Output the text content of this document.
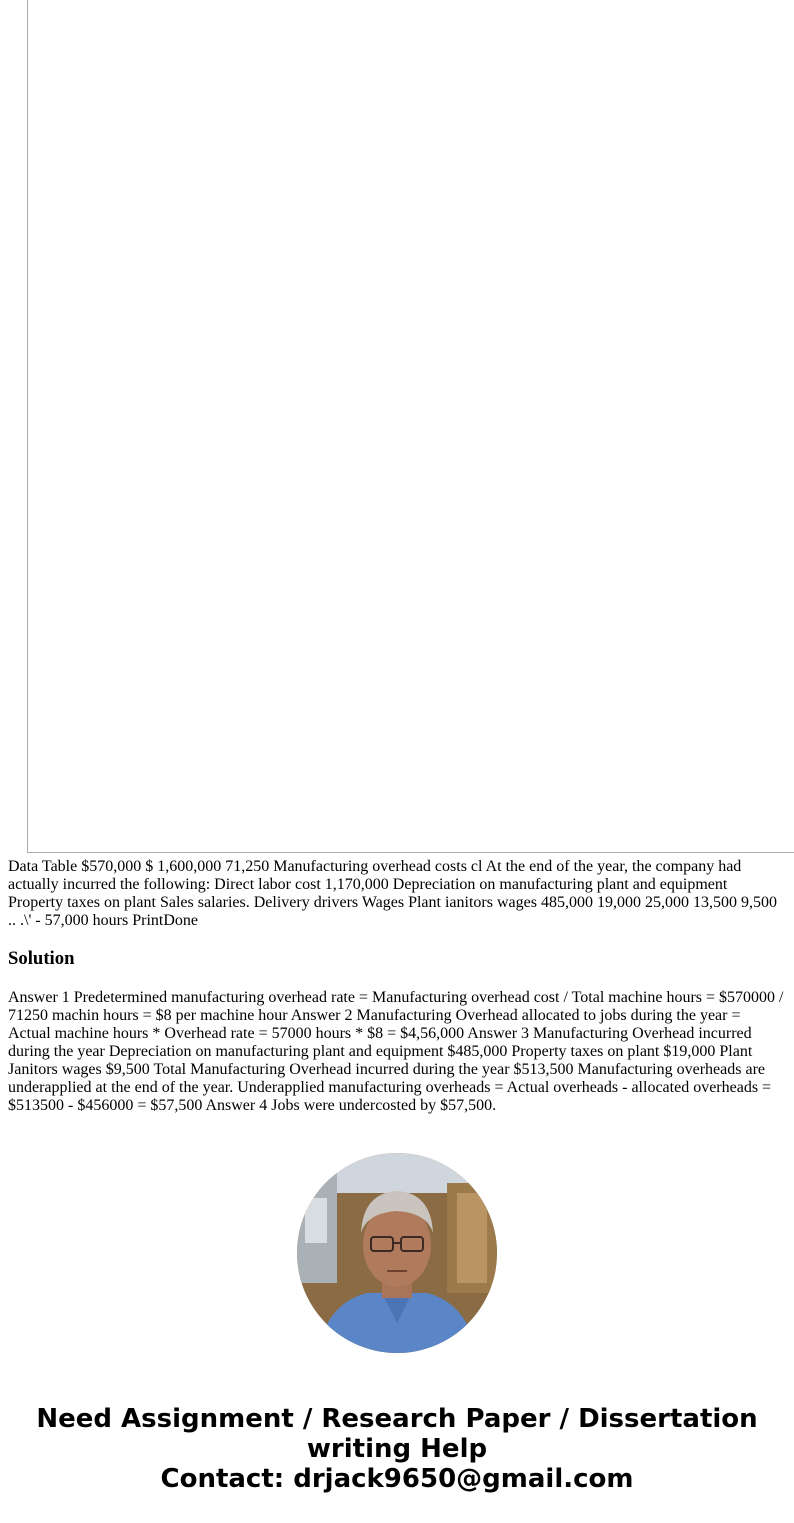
Data Table $570,000 $ 1,600,000 71,250 Manufacturing overhead costs cl At the end of the year, the company had actually incurred the following: Direct labor cost 1,170,000 Depreciation on manufacturing plant and equipment Property taxes on plant Sales salaries. Delivery drivers Wages Plant ianitors wages 485,000 19,000 25,000 13,500 9,500 .. .\' - 57,000 hours PrintDone

Solution

Answer 1 Predetermined manufacturing overhead rate = Manufacturing overhead cost / Total machine hours = $570000 / 71250 machin hours = $8 per machine hour Answer 2 Manufacturing Overhead allocated to jobs during the year = Actual machine hours * Overhead rate = 57000 hours * $8 = $4,56,000 Answer 3 Manufacturing Overhead incurred during the year Depreciation on manufacturing plant and equipment $485,000 Property taxes on plant $19,000 Plant Janitors wages $9,500 Total Manufacturing Overhead incurred during the year $513,500 Manufacturing overheads are underapplied at the end of the year. Underapplied manufacturing overheads = Actual overheads - allocated overheads = $513500 - $456000 = $57,500 Answer 4 Jobs were undercosted by $57,500.

Need Assignment / Research Paper / Dissertation writing Help
Contact: drjack9650@gmail.com
